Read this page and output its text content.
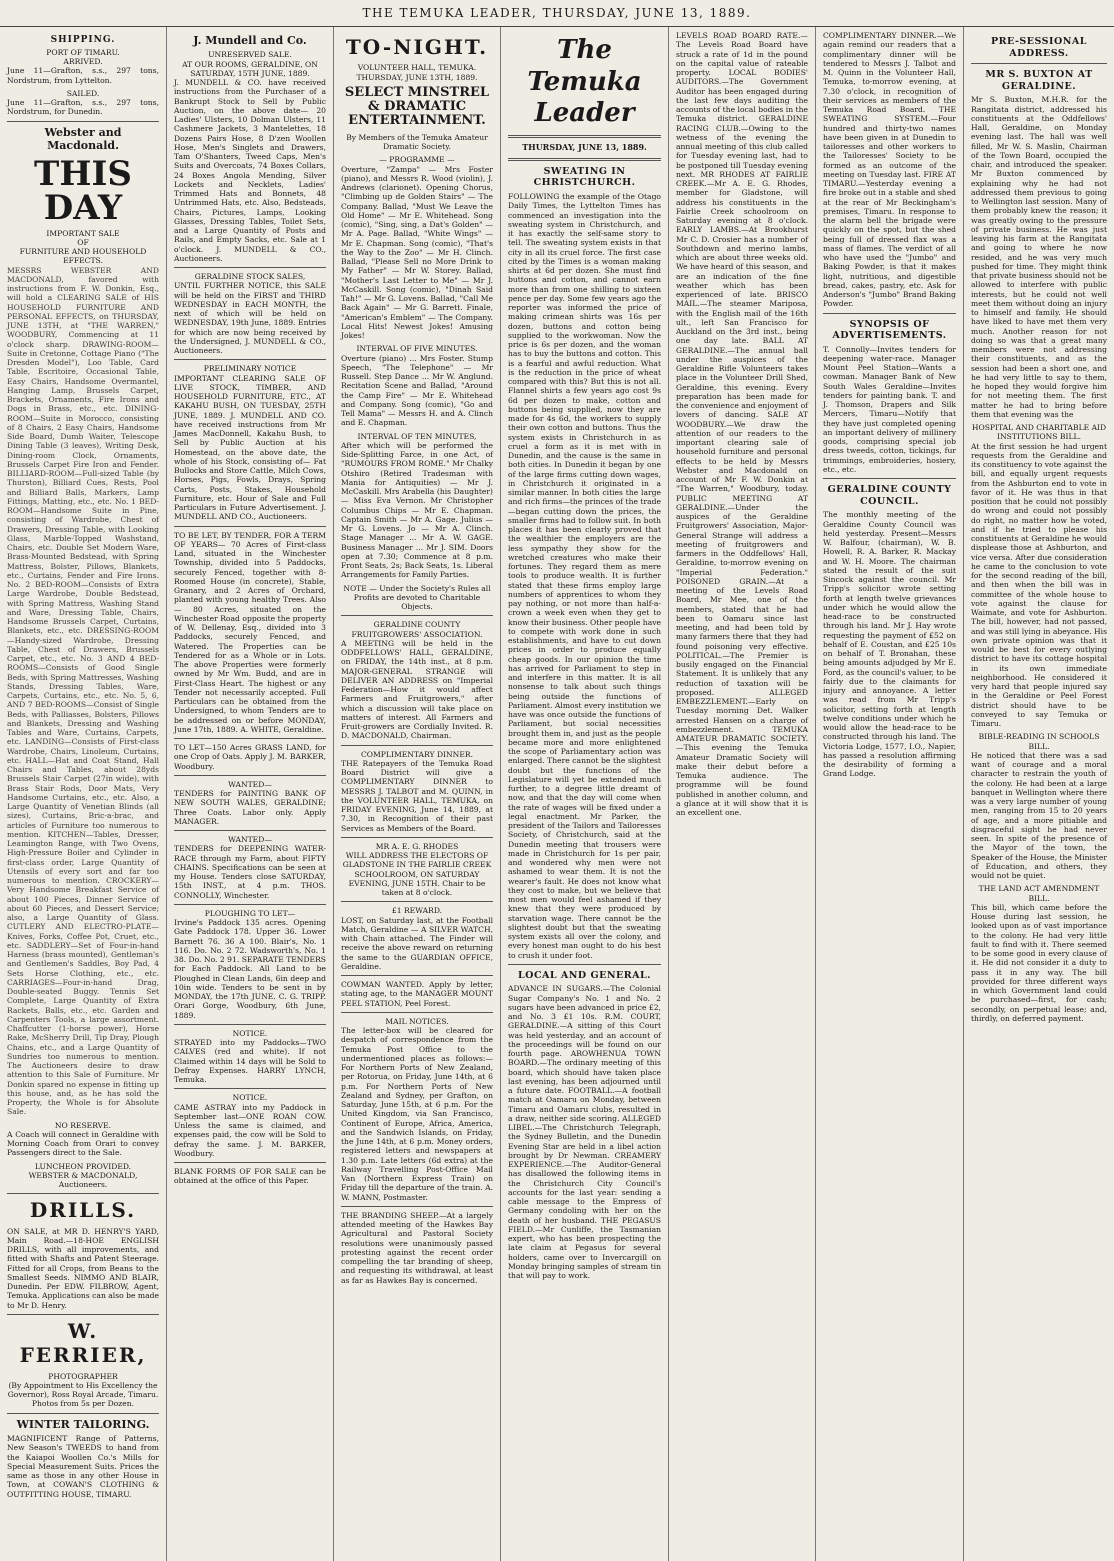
THE TEMUKA LEADER, THURSDAY, JUNE 13, 1889.
SHIPPING.
PORT OF TIMARU.
ARRIVED.

June 11—Grafton, s.s., 297 tons, Nordstrum, from Lyttelton.

SAILED.

June 11—Grafton, s.s., 297 tons, Nordstrum, for Dunedin.

Webster and Macdonald.
THIS DAY
IMPORTANT SALE
OF
FURNITURE AND HOUSEHOLD EFFECTS.

MESSRS WEBSTER AND MACDONALD, favored with instructions from F. W. Donkin, Esq., will hold a CLEARING SALE of HIS HOUSEHOLD FURNITURE AND PERSONAL EFFECTS, on THURSDAY, JUNE 13TH, at "THE WARREN," WOODBURY, Commencing at 11 o'clock sharp. DRAWING-ROOM—Suite in Cretonne, Cottage Piano ("The Dresden Model"), Loo Table, Card Table, Escritoire, Occasional Table, Easy Chairs, Handsome Overmantel, Hanging Lamp, Brussels Carpet, Brackets, Ornaments, Fire Irons and Dogs in Brass, etc., etc. DINING-ROOM—Suite in Morocco, consisting of 8 Chairs, 2 Easy Chairs, Handsome Side Board, Dumb Waiter, Telescope Dining Table (3 leaves), Writing Desk, Dining-room Clock, Ornaments, Brussels Carpet Fire Iron and Fender. BILLIARD-ROOM—Full-sized Table (by Thurston), Billiard Cues, Rests, Pool and Billiard Balls, Markers, Lamp Fittings, Matting, etc., etc. No. 1 BED-ROOM—Handsome Suite in Pine, consisting of Wardrobe, Chest of Drawers, Dressing Table, with Looking Glass, Marble-Topped Washstand, Chairs, etc. Double Set Modern Ware, Brass-Mounted Bedstead, with Spring Mattress, Bolster, Pillows, Blankets, etc., Curtains, Fender and Fire Irons. No. 2 BED-ROOM—Consists of Extra Large Wardrobe, Double Bedstead, with Spring Mattress, Washing Stand and Ware, Dressing Table, Chairs, Handsome Brussels Carpet, Curtains, Blankets, etc., etc. DRESSING-ROOM—Handy-sized Wardrobe, Dressing Table, Chest of Drawers, Brussels Carpet, etc., etc. No. 3 AND 4 BED-ROOMS—Consists of Good Single Beds, with Spring Mattresses, Washing Stands, Dressing Tables, Ware, Carpets, Curtains, etc., etc. No. 5, 6, AND 7 BED-ROOMS—Consist of Single Beds, with Palliasses, Bolsters, Pillows and Blankets, Dressing and Washing Tables and Ware, Curtains, Carpets, etc. LANDING—Consists of First-class Wardrobe, Chairs, Linoleum, Curtains, etc. HALL—Hat and Coat Stand, Hall Chairs and Tables, about 28yds Brussels Stair Carpet (27in wide), with Brass Stair Rods, Door Mats, Very Handsome Curtains, etc., etc. Also, a Large Quantity of Venetian Blinds (all sizes), Curtains, Bric-a-brac, and articles of Furniture too numerous to mention. KITCHEN—Tables, Dresser, Leamington Range, with Two Ovens, High-Pressure Boiler and Cylinder in first-class order, Large Quantity of Utensils of every sort and far too numerous to mention. CROCKERY—Very Handsome Breakfast Service of about 100 Pieces, Dinner Service of about 60 Pieces, and Dessert Service; also, a Large Quantity of Glass. CUTLERY AND ELECTRO-PLATE—Knives, Forks, Coffee Pot, Cruet, etc., etc. SADDLERY—Set of Four-in-hand Harness (brass mounted), Gentleman's and Gentlemen's Saddles, Boy Pad, 4 Sets Horse Clothing, etc., etc. CARRIAGES—Four-in-hand Drag, Double-seated Buggy. Tennis Set Complete, Large Quantity of Extra Rackets, Balls, etc., etc. Garden and Carpenters Tools, a large assortment. Chaffcutter (1-horse power), Horse Rake, McSherry Drill, Tip Dray, Plough Chains, etc., and a Large Quantity of Sundries too numerous to mention. The Auctioneers desire to draw attention to this Sale of Furniture. Mr Donkin spared no expense in fitting up this house, and, as he has sold the Property, the Whole is for Absolute Sale.

NO RESERVE.

A Coach will connect in Geraldine with Morning Coach from Orari to convey Passengers direct to the Sale.

LUNCHEON PROVIDED.
WEBSTER & MACDONALD, Auctioneers.
DRILLS.

ON SALE, at MR D. HENRY'S YARD, Main Road.—18-HOE ENGLISH DRILLS, with all improvements, and fitted with Shafts and Patent Steerage. Fitted for all Crops, from Beans to the Smallest Seeds. NIMMO AND BLAIR, Dunedin. Per EDW. FILBROW, Agent, Temuka. Applications can also be made to Mr D. Henry.

W. FERRIER,
PHOTOGRAPHER

(By Appointment to His Excellency the Governor), Ross Royal Arcade, Timaru. Photos from 5s per Dozen.

WINTER TAILORING.

MAGNIFICENT Range of Patterns, New Season's TWEEDS to hand from the Kaiapoi Woollen Co.'s Mills for Special Measurement Suits. Prices the same as those in any other House in Town, at COWAN'S CLOTHING & OUTFITTING HOUSE, TIMARU.

J. Mundell and Co.
UNRESERVED SALE.
AT OUR ROOMS, GERALDINE, ON SATURDAY, 15TH JUNE, 1889.

J. MUNDELL & CO. have received instructions from the Purchaser of a Bankrupt Stock to Sell by Public Auction, on the above date— 20 Ladies' Ulsters, 10 Dolman Ulsters, 11 Cashmere Jackets, 3 Mantelettes, 18 Dozens Pairs Hose, 8 D'zen Woollen Hose, Men's Singlets and Drawers, Tam O'Shanters, Tweed Caps, Men's Suits and Overcoats, 74 Boxes Collars, 24 Boxes Angola Mending, Silver Lockets and Necklets, Ladies' Trimmed Hats and Bonnets, 48 Untrimmed Hats, etc. Also, Bedsteads, Chairs, Pictures, Lamps, Looking Glasses, Dressing Tables, Toilet Sets, and a Large Quantity of Posts and Rails, and Empty Sacks, etc. Sale at 1 o'clock. J. MUNDELL & CO., Auctioneers.

GERALDINE STOCK SALES,

UNTIL FURTHER NOTICE, this SALE will be held on the FIRST and THIRD WEDNESDAY in EACH MONTH, the next of which will be held on WEDNESDAY, 19th June, 1889. Entries for which are now being received by the Undersigned, J. MUNDELL & CO., Auctioneers.

PRELIMINARY NOTICE

IMPORTANT CLEARING SALE OF LIVE STOCK, TIMBER, AND HOUSEHOLD FURNITURE, ETC., AT KAKAHU BUSH, ON TUESDAY, 25TH JUNE, 1889. J. MUNDELL AND CO. have received instructions from Mr James MacDonnell, Kakahu Bush, to Sell by Public Auction at his Homestead, on the above date, the whole of his Stock, consisting of— Fat Bullocks and Store Cattle, Milch Cows, Horses, Pigs, Fowls, Drays, Spring Carts, Posts, Stakes, Household Furniture, etc. Hour of Sale and Full Particulars in Future Advertisement. J. MUNDELL AND CO., Auctioneers.

TO BE LET, BY TENDER, FOR A TERM OF YEARS— 70 Acres of First-class Land, situated in the Winchester Township, divided into 5 Paddocks, securely Fenced, together with 8-Roomed House (in concrete), Stable, Granary, and 2 Acres of Orchard, planted with young healthy Trees. Also— 80 Acres, situated on the Winchester Road opposite the property of W. Dellenay, Esq., divided into 3 Paddocks, securely Fenced, and Watered. The Properties can be Tendered for as a Whole or in Lots. The above Properties were formerly owned by Mr Wm. Budd, and are in First-Class Heart. The highest or any Tender not necessarily accepted. Full Particulars can be obtained from the Undersigned, to whom Tenders are to be addressed on or before MONDAY, June 17th, 1889. A. WHITE, Geraldine.

TO LET—150 Acres GRASS LAND, for one Crop of Oats. Apply J. M. BARKER, Woodbury.

WANTED—

TENDERS for PAINTING BANK OF NEW SOUTH WALES, GERALDINE; Three Coats. Labor only. Apply MANAGER.

WANTED—

TENDERS for DEEPENING WATER-RACE through my Farm, about FIFTY CHAINS. Specifications can be seen at my House. Tenders close SATURDAY, 15th INST., at 4 p.m. THOS. CONNOLLY, Winchester.

PLOUGHING TO LET—

Irvine's Paddock 135 acres. Opening Gate Paddock 178. Upper 36. Lower Barnett 76. 36 A 100. Blair's, No. 1 116. Do. No. 2 72. Wadsworth's, No. 1 38. Do. No. 2 91. SEPARATE TENDERS for Each Paddock. All Land to be Ploughed in Clean Lands, 6in deep and 10in wide. Tenders to be sent in by MONDAY, the 17th JUNE. C. G. TRIPP. Orari Gorge, Woodbury, 6th June, 1889.

NOTICE.

STRAYED into my Paddocks—TWO CALVES (red and white). If not Claimed within 14 days will be Sold to Defray Expenses. HARRY LYNCH, Temuka.

NOTICE.

CAME ASTRAY into my Paddock in September last—ONE ROAN COW. Unless the same is claimed, and expenses paid, the cow will be Sold to defray the same. J. M. BARKER, Woodbury.

BLANK FORMS OF FOR SALE can be obtained at the office of this Paper.

TO-NIGHT.
VOLUNTEER HALL, TEMUKA.
THURSDAY, JUNE 13TH, 1889.
SELECT MINSTREL & DRAMATIC ENTERTAINMENT.

By Members of the Temuka Amateur Dramatic Society.

— PROGRAMME —

Overture, "Zampa" — Mrs Foster (piano), and Messrs R. Wood (violin), J. Andrews (clarionet). Opening Chorus, "Climbing up de Golden Stairs" — The Company. Ballad, "Must We Leave the Old Home" — Mr E. Whitehead. Song (comic), "Sing, sing, a Dat's Golden" — Mr A. Page. Ballad, "White Wings" — Mr E. Chapman. Song (comic), "That's the Way to the Zoo" — Mr H. Clinch. Ballad, "Please Sell no More Drink to My Father" — Mr W. Storey. Ballad, "Mother's Last Letter to Me" — Mr J. McCaskill. Song (comic), "Dinah Said Tah!" — Mr G. Lovens. Ballad, "Call Me Back Again" — Mr G. Barrett. Finale, "American's Emblem" — The Company. Local Hits! Newest Jokes! Amusing Jokes!

INTERVAL OF FIVE MINUTES.

Overture (piano) ... Mrs Foster. Stump Speech, "The Telephone" — Mr Russell. Step Dance ... Mr W. Anglund. Recitation Scene and Ballad, "Around the Camp Fire" — Mr E. Whitehead and Company. Song (comic), "Go and Tell Mama" — Messrs H. and A. Clinch and E. Chapman.

INTERVAL OF TEN MINUTES,

After which will be performed the Side-Splitting Farce, in one Act, of "RUMOURS FROM ROME." Mr Chalky Otshiro (Retired Tradesman with Mania for Antiquities) — Mr J. McCaskill. Mrs Arabella (his Daughter) — Miss Eva Vernon. Mr Christopher Columbus Chips — Mr E. Chapman. Captain Smith — Mr A. Gage. Julius — Mr G. Lovens. Jo — Mr A. Clinch. Stage Manager ... Mr A. W. GAGE. Business Manager ... Mr J. SIM. Doors open at 7.30; Commence at 8 p.m. Front Seats, 2s; Back Seats, 1s. Liberal Arrangements for Family Parties.

NOTE — Under the Society's Rules all Profits are devoted to Charitable Objects.

GERALDINE COUNTY FRUITGROWERS' ASSOCIATION.

A MEETING will be held in the ODDFELLOWS' HALL, GERALDINE, on FRIDAY, the 14th inst., at 8 p.m. MAJOR-GENERAL STRANGE will DELIVER AN ADDRESS on "Imperial Federation—How it would affect Farmers and Fruitgrowers," after which a discussion will take place on matters of interest. All Farmers and Fruit-growers are Cordially Invited. R. D. MACDONALD, Chairman.

COMPLIMENTARY DINNER.

THE Ratepayers of the Temuka Road Board District will give a COMPLIMENTARY DINNER to MESSRS J. TALBOT and M. QUINN, in the VOLUNTEER HALL, TEMUKA, on FRIDAY EVENING, June 14, 1889, at 7.30, in Recognition of their past Services as Members of the Board.

MR A. E. G. RHODES

WILL ADDRESS THE ELECTORS OF GLADSTONE IN THE FAIRLIE CREEK SCHOOLROOM, ON SATURDAY EVENING, JUNE 15TH. Chair to be taken at 8 o'clock.

£1 REWARD.

LOST, on Saturday last, at the Football Match, Geraldine — A SILVER WATCH, with Chain attached. The Finder will receive the above reward on returning the same to the GUARDIAN OFFICE, Geraldine.

COWMAN WANTED. Apply by letter, stating age, to the MANAGER MOUNT PEEL STATION, Peel Forest.

MAIL NOTICES.

The letter-box will be cleared for despatch of correspondence from the Temuka Post Office to the undermentioned places as follows:— For Northern Ports of New Zealand, per Rotorua, on Friday, June 14th, at 6 p.m. For Northern Ports of New Zealand and Sydney, per Grafton, on Saturday, June 15th, at 6 p.m. For the United Kingdom, via San Francisco, Continent of Europe, Africa, America, and the Sandwich Islands, on Friday, the June 14th, at 6 p.m. Money orders, registered letters and newspapers at 1.30 p.m. Late letters (6d extra) at the Railway Travelling Post-Office Mail Van (Northern Express Train) on Friday till the departure of the train. A. W. MANN, Postmaster.

THE BRANDING SHEEP.—At a largely attended meeting of the Hawkes Bay Agricultural and Pastoral Society resolutions were unanimously passed protesting against the recent order compelling the tar branding of sheep, and requesting its withdrawal, at least as far as Hawkes Bay is concerned.

The Temuka Leader
THURSDAY, JUNE 13, 1889.
SWEATING IN CHRISTCHURCH.

FOLLOWING the example of the Otago Daily Times, the Lyttelton Times has commenced an investigation into the sweating system in Christchurch, and it has exactly the self-same story to tell. The sweating system exists in that city in all its cruel force. The first case cited by the Times is a woman making shirts at 6d per dozen. She must find buttons and cotton, and cannot earn more than from one shilling to sixteen pence per day. Some few years ago the reporter was informed the price of making crimean shirts was 16s per dozen, buttons and cotton being supplied to the workwoman. Now the price is 6s per dozen, and the woman has to buy the buttons and cotton. This is a fearful and awful reduction. What is the reduction in the price of wheat compared with this? But this is not all. Flannel shirts a few years ago cost 9s 6d per dozen to make, cotton and buttons being supplied, now they are made for 4s 6d, the workers to supply their own cotton and buttons. Thus the system exists in Christchurch in as cruel a form as it is met with in Dunedin, and the cause is the same in both cities. In Dunedin it began by one of the large firms cutting down wages, in Christchurch it originated in a similar manner. In both cities the large and rich firms—the princes of the trade—began cutting down the prices, the smaller firms had to follow suit. In both places it has been clearly proved that the wealthier the employers are the less sympathy they show for the wretched creatures who make their fortunes. They regard them as mere tools to produce wealth. It is further stated that these firms employ large numbers of apprentices to whom they pay nothing, or not more than half-a-crown a week even when they get to know their business. Other people have to compete with work done in such establishments, and have to cut down prices in order to produce equally cheap goods. In our opinion the time has arrived for Parliament to step in and interfere in this matter. It is all nonsense to talk about such things being outside the functions of Parliament. Almost every institution we have was once outside the functions of Parliament, but social necessities brought them in, and just as the people became more and more enlightened the scope of Parliamentary action was enlarged. There cannot be the slightest doubt but the functions of the Legislature will yet be extended much further, to a degree little dreamt of now, and that the day will come when the rate of wages will be fixed under a legal enactment. Mr Parker, the president of the Tailors and Tailoresses Society, of Christchurch, said at the Dunedin meeting that trousers were made in Christchurch for 1s per pair, and wondered why men were not ashamed to wear them. It is not the wearer's fault. He does not know what they cost to make, but we believe that most men would feel ashamed if they knew that they were produced by starvation wage. There cannot be the slightest doubt but that the sweating system exists all over the colony, and every honest man ought to do his best to crush it under foot.

LOCAL AND GENERAL.

ADVANCE IN SUGARS.—The Colonial Sugar Company's No. 1 and No. 2 sugars have been advanced in price £2, and No. 3 £1 10s. R.M. COURT, GERALDINE.—A sitting of this Court was held yesterday, and an account of the proceedings will be found on our fourth page. AROWHENUA TOWN BOARD.—The ordinary meeting of this board, which should have taken place last evening, has been adjourned until a future date. FOOTBALL.—A football match at Oamaru on Monday, between Timaru and Oamaru clubs, resulted in a draw, neither side scoring. ALLEGED LIBEL.—The Christchurch Telegraph, the Sydney Bulletin, and the Dunedin Evening Star are held in a libel action brought by Dr Newman. CREAMERY EXPERIENCE.—The Auditor-General has disallowed the following items in the Christchurch City Council's accounts for the last year: sending a cable message to the Empress of Germany condoling with her on the death of her husband. THE PEGASUS FIELD.—Mr Cunliffe, the Tasmanian expert, who has been prospecting the late claim at Pegasus for several holders, came over to Invercargill on Monday bringing samples of stream tin that will pay to work.

LEVELS ROAD BOARD RATE.—The Levels Road Board have struck a rate of 1d in the pound on the capital value of rateable property. LOCAL BODIES' AUDITORS.—The Government Auditor has been engaged during the last few days auditing the accounts of the local bodies in the Temuka district. GERALDINE RACING CLUB.—Owing to the wetness of the evening the annual meeting of this club called for Tuesday evening last, had to be postponed till Tuesday evening next. MR RHODES AT FAIRLIE CREEK.—Mr A. E. G. Rhodes, member for Gladstone, will address his constituents in the Fairlie Creek schoolroom on Saturday evening at 8 o'clock. EARLY LAMBS.—At Brookhurst Mr C. D. Crosier has a number of Southdown and merino lambs, which are about three weeks old. We have heard of this season, and are an indication of the fine weather which has been experienced of late. BRISCO MAIL.—The steamer Mariposa, with the English mail of the 16th ult., left San Francisco for Auckland on the 3rd inst., being one day late. BALL AT GERALDINE.—The annual ball under the auspices of the Geraldine Rifle Volunteers takes place in the Volunteer Drill Shed, Geraldine, this evening. Every preparation has been made for the convenience and enjoyment of lovers of dancing. SALE AT WOODBURY.—We draw the attention of our readers to the important clearing sale of household furniture and personal effects to be held by Messrs Webster and Macdonald on account of Mr F. W. Donkin at "The Warren," Woodbury, today. PUBLIC MEETING AT GERALDINE.—Under the auspices of the Geraldine Fruitgrowers' Association, Major-General Strange will address a meeting of fruitgrowers and farmers in the Oddfellows' Hall, Geraldine, to-morrow evening on "Imperial Federation." POISONED GRAIN.—At a meeting of the Levels Road Board, Mr Mee, one of the members, stated that he had been to Oamaru since last meeting, and had been told by many farmers there that they had found poisoning very effective. POLITICAL.—The Premier is busily engaged on the Financial Statement. It is unlikely that any reduction of taxation will be proposed. ALLEGED EMBEZZLEMENT.—Early on Tuesday morning Det. Walker arrested Hansen on a charge of embezzlement. TEMUKA AMATEUR DRAMATIC SOCIETY.—This evening the Temuka Amateur Dramatic Society will make their debut before a Temuka audience. The programme will be found published in another column, and a glance at it will show that it is an excellent one.

COMPLIMENTARY DINNER.—We again remind our readers that a complimentary dinner will be tendered to Messrs J. Talbot and M. Quinn in the Volunteer Hall, Temuka, to-morrow evening, at 7.30 o'clock, in recognition of their services as members of the Temuka Road Board. THE SWEATING SYSTEM.—Four hundred and thirty-two names have been given in at Dunedin to tailoresses and other workers to the Tailoresses' Society to be formed as an outcome of the meeting on Tuesday last. FIRE AT TIMARU.—Yesterday evening a fire broke out in a stable and shed at the rear of Mr Beckingham's premises, Timaru. In response to the alarm bell the brigade were quickly on the spot, but the shed being full of dressed flax was a mass of flames. The verdict of all who have used the "Jumbo" and Baking Powder, is that it makes light, nutritious, and digestible bread, cakes, pastry, etc. Ask for Anderson's "Jumbo" Brand Baking Powder.

SYNOPSIS OF ADVERTISEMENTS.

T. Connolly—Invites tenders for deepening water-race. Manager Mount Peel Station—Wants a cowman. Manager Bank of New South Wales Geraldine—Invites tenders for painting bank. T. and J. Thomson, Drapers and Silk Mercers, Timaru—Notify that they have just completed opening an important delivery of millinery goods, comprising special job dress tweeds, cotton, tickings, fur trimmings, embroideries, hosiery, etc., etc.

GERALDINE COUNTY COUNCIL.

The monthly meeting of the Geraldine County Council was held yesterday. Present—Messrs W. Balfour, (chairman), W. B. Howell, R. A. Barker, R. Mackay and W. H. Moore. The chairman stated the result of the suit Sincock against the council. Mr Tripp's solicitor wrote setting forth at length twelve grievances under which he would allow the head-race to be constructed through his land. Mr J. Hay wrote requesting the payment of £52 on behalf of E. Coustan, and £25 10s on behalf of T. Bronahan, these being amounts adjudged by Mr E. Ford, as the council's valuer, to be fairly due to the claimants for injury and annoyance. A letter was read from Mr Tripp's solicitor, setting forth at length twelve conditions under which he would allow the head-race to be constructed through his land. The Victoria Lodge, 1577, I.O., Napier, has passed a resolution affirming the desirability of forming a Grand Lodge.

PRE-SESSIONAL ADDRESS.
MR S. BUXTON AT GERALDINE.

Mr S. Buxton, M.H.R. for the Rangitata district, addressed his constituents at the Oddfellows' Hall, Geraldine, on Monday evening last. The hall was well filled, Mr W. S. Maslin, Chairman of the Town Board, occupied the chair, and introduced the speaker. Mr Buxton commenced by explaining why he had not addressed them previous to going to Wellington last session. Many of them probably knew the reason; it was greatly owing to the pressure of private business. He was just leaving his farm at the Rangitata and going to where he now resided, and he was very much pushed for time. They might think that private business should not be allowed to interfere with public interests, but he could not well meet them without doing an injury to himself and family. He should have liked to have met them very much. Another reason for not doing so was that a great many members were not addressing their constituents, and as the session had been a short one, and he had very little to say to them, he hoped they would forgive him for not meeting them. The first matter he had to bring before them that evening was the

HOSPITAL AND CHARITABLE AID INSTITUTIONS BILL.

At the first session he had urgent requests from the Geraldine and its constituency to vote against the bill, and equally urgent requests from the Ashburton end to vote in favor of it. He was thus in that position that he could not possibly do wrong and could not possibly do right, no matter how he voted, and if he tried to please his constituents at Geraldine he would displease those at Ashburton, and vice versa. After due consideration he came to the conclusion to vote for the second reading of the bill, and then when the bill was in committee of the whole house to vote against the clause for Waimate, and vote for Ashburton. The bill, however, had not passed, and was still lying in abeyance. His own private opinion was that it would be best for every outlying district to have its cottage hospital in its own immediate neighborhood. He considered it very hard that people injured say in the Geraldine or Peel Forest district should have to be conveyed to say Temuka or Timaru.

BIBLE-READING IN SCHOOLS BILL.

He noticed that there was a sad want of courage and a moral character to restrain the youth of the colony. He had been at a large banquet in Wellington where there was a very large number of young men, ranging from 15 to 20 years of age, and a more pitiable and disgraceful sight he had never seen. In spite of the presence of the Mayor of the town, the Speaker of the House, the Minister of Education, and others, they would not be quiet.

THE LAND ACT AMENDMENT BILL.

This bill, which came before the House during last session, he looked upon as of vast importance to the colony. He had very little fault to find with it. There seemed to be some good in every clause of it. He did not consider it a duty to pass it in any way. The bill provided for three different ways in which Government land could be purchased—first, for cash; secondly, on perpetual lease; and, thirdly, on deferred payment.
